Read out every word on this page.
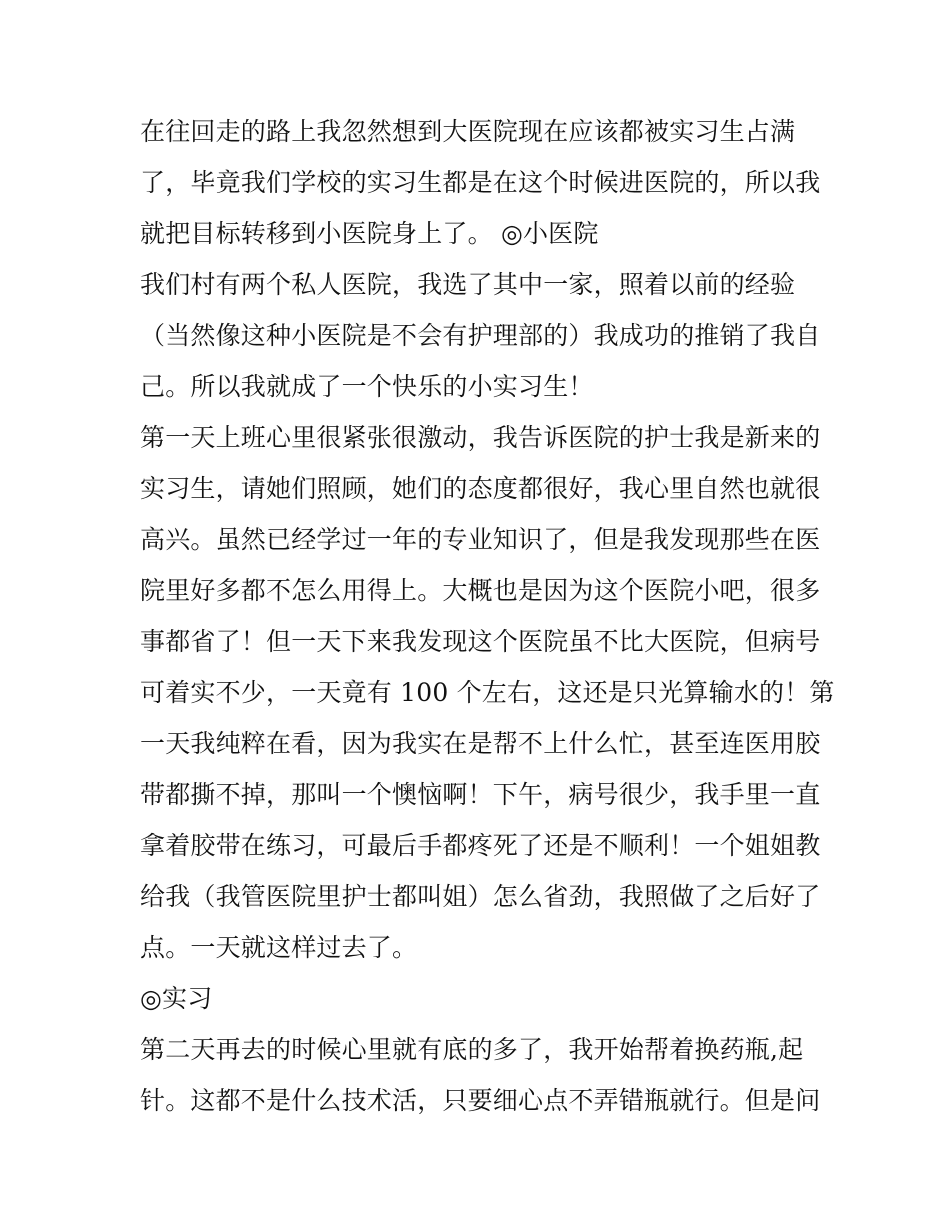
在往回走的路上我忽然想到大医院现在应该都被实习生占满
了，毕竟我们学校的实习生都是在这个时候进医院的，所以我
就把目标转移到小医院身上了。 ◎小医院
我们村有两个私人医院，我选了其中一家，照着以前的经验
（当然像这种小医院是不会有护理部的）我成功的推销了我自
己。所以我就成了一个快乐的小实习生！
第一天上班心里很紧张很激动，我告诉医院的护士我是新来的
实习生，请她们照顾，她们的态度都很好，我心里自然也就很
高兴。虽然已经学过一年的专业知识了，但是我发现那些在医
院里好多都不怎么用得上。大概也是因为这个医院小吧，很多
事都省了！但一天下来我发现这个医院虽不比大医院，但病号
可着实不少，一天竟有 100 个左右，这还是只光算输水的！第
一天我纯粹在看，因为我实在是帮不上什么忙，甚至连医用胶
带都撕不掉，那叫一个懊恼啊！下午，病号很少，我手里一直
拿着胶带在练习，可最后手都疼死了还是不顺利！一个姐姐教
给我（我管医院里护士都叫姐）怎么省劲，我照做了之后好了
点。一天就这样过去了。
◎实习
第二天再去的时候心里就有底的多了，我开始帮着换药瓶,起
针。这都不是什么技术活，只要细心点不弄错瓶就行。但是问
